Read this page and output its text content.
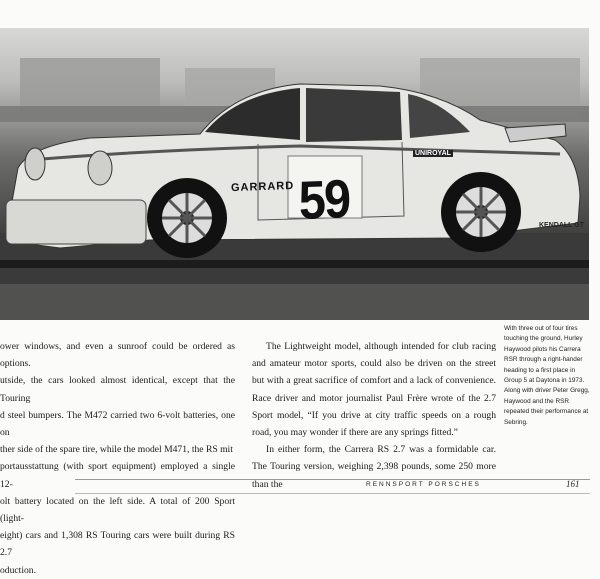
GARRARD 59
UNIROYAL
KENDALL GT

ower windows, and even a sunroof could be ordered as options.

utside, the cars looked almost identical, except that the Touring

d steel bumpers. The M472 carried two 6-volt batteries, one on

ther side of the spare tire, while the model M471, the RS mit

portausstattung (with sport equipment) employed a single 12-

olt battery located on the left side. A total of 200 Sport (light-

eight) cars and 1,308 RS Touring cars were built during RS 2.7

oduction.

The Lightweight model, although intended for club racing and amateur motor sports, could also be driven on the street but with a great sacrifice of comfort and a lack of convenience. Race driver and motor journalist Paul Frère wrote of the 2.7 Sport model, “If you drive at city traffic speeds on a rough road, you may wonder if there are any springs fitted.”

In either form, the Carrera RS 2.7 was a formidable car. The Touring version, weighing 2,398 pounds, some 250 more than the

With three out of four tires touching the ground, Hurley Haywood pilots his Carrera RSR through a right-hander heading to a first place in Group 5 at Daytona in 1973. Along with driver Peter Gregg, Haywood and the RSR repeated their performance at Sebring.
RENNSPORT PORSCHES	161
